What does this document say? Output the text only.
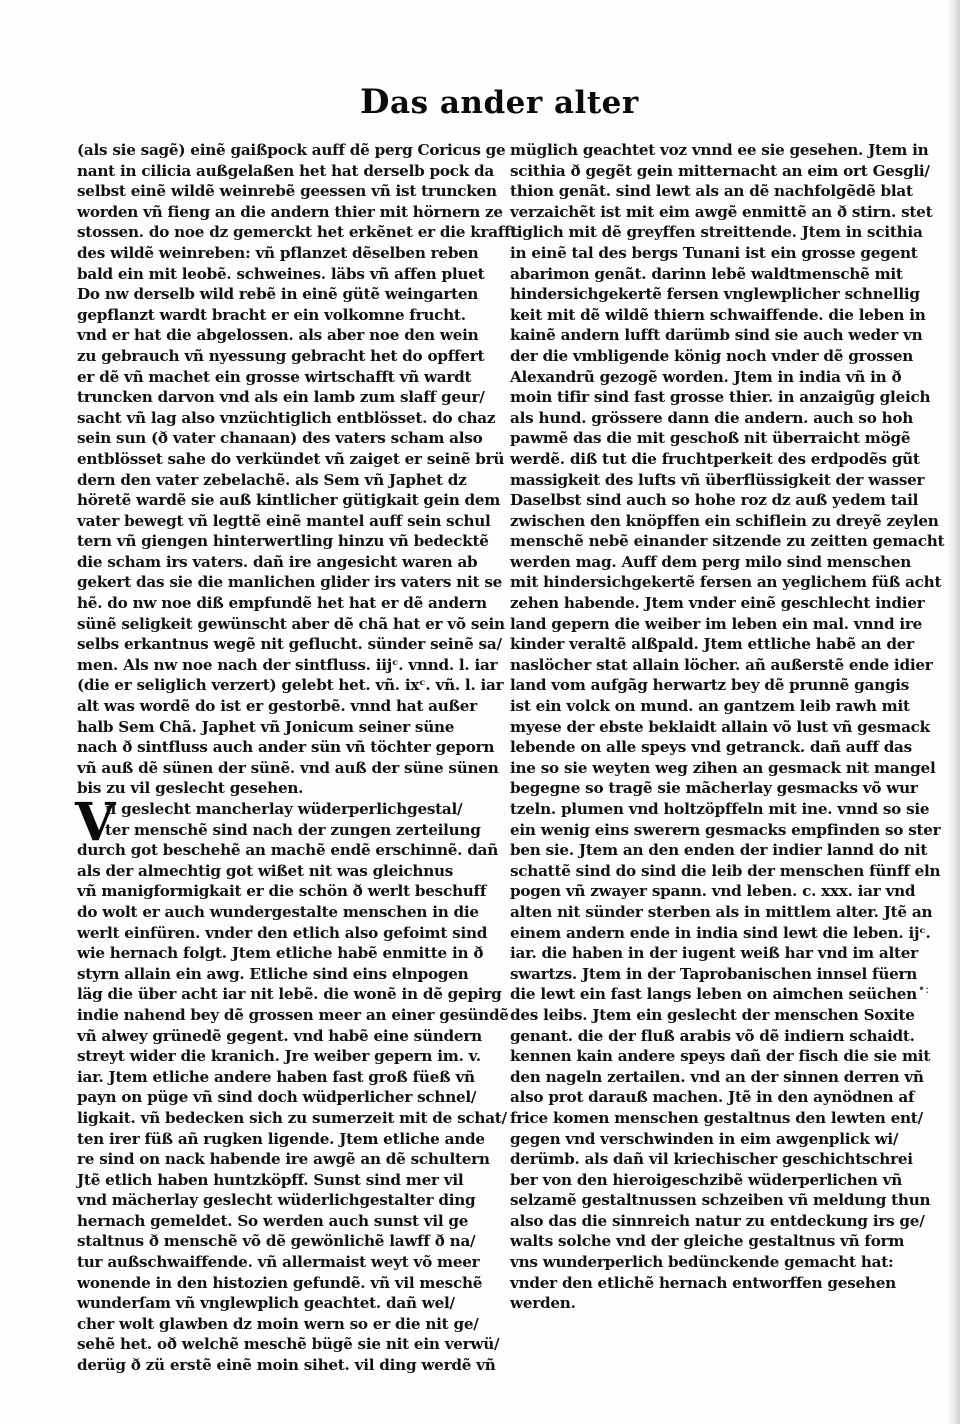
Das ander alter
(als sie sagẽ) einẽ gaißpock auff dẽ perg Coricus ge
nant in cilicia außgelaßen het hat derselb pock da
selbst einẽ wildẽ weinrebẽ geessen vñ ist truncken
worden vñ fieng an die andern thier mit hörnern ze
stossen. do noe dz gemerckt het erkẽnet er die krafft
des wildẽ weinreben: vñ pflanzet dẽselben reben
bald ein mit leobẽ. schweines. läbs vñ affen pluet
Do nw derselb wild rebẽ in einẽ gütẽ weingarten
gepflanzt wardt bracht er ein volkomne frucht.
vnd er hat die abgelossen. als aber noe den wein
zu gebrauch vñ nyessung gebracht het do opffert
er dẽ vñ machet ein grosse wirtschafft vñ wardt
truncken darvon vnd als ein lamb zum slaff geur/
sacht vñ lag also vnzüchtiglich entblösset. do chaz
sein sun (ð vater chanaan) des vaters scham also
entblösset sahe do verkündet vñ zaiget er seinẽ brü
dern den vater zebelachẽ. als Sem vñ Japhet dz
höretẽ wardẽ sie auß kintlicher gütigkait gein dem
vater bewegt vñ legttẽ einẽ mantel auff sein schul
tern vñ giengen hinterwertling hinzu vñ bedecktẽ
die scham irs vaters. dañ ire angesicht waren ab
gekert das sie die manlichen glider irs vaters nit se
hẽ. do nw noe diß empfundẽ het hat er dẽ andern
sünẽ seligkeit gewünscht aber dẽ chã hat er võ sein
selbs erkantnus wegẽ nit geflucht. sünder seinẽ sa/
men. Als nw noe nach der sintfluss. iijᶜ. vnnd. l. iar
(die er seliglich verzert) gelebt het. vñ. ixᶜ. vñ. l. iar
alt was wordẽ do ist er gestorbẽ. vnnd hat außer
halb Sem Chã. Japhet vñ Jonicum seiner süne
nach ð sintfluss auch ander sün vñ töchter geporn
vñ auß dẽ sünen der sünẽ. vnd auß der süne sünen
bis zu vil geslecht gesehen.
V
il geslecht mancherlay wüderperlichgestal/
ter menschẽ sind nach der zungen zerteilung
durch got beschehẽ an machẽ endẽ erschinnẽ. dañ
als der almechtig got wißet nit was gleichnus
vñ manigformigkait er die schön ð werlt beschuff
do wolt er auch wundergestalte menschen in die
werlt einfüren. vnder den etlich also gefoimt sind
wie hernach folgt. Jtem etliche habẽ enmitte in ð
styrn allain ein awg. Etliche sind eins elnpogen
läg die über acht iar nit lebẽ. die wonẽ in dẽ gepirg
indie nahend bey dẽ grossen meer an einer gesündẽ
vñ alwey grünedẽ gegent. vnd habẽ eine sündern
streyt wider die kranich. Jre weiber gepern im. v.
iar. Jtem etliche andere haben fast groß füeß vñ
payn on püge vñ sind doch wüdperlicher schnel/
ligkait. vñ bedecken sich zu sumerzeit mit de schat/
ten irer füß añ rugken ligende. Jtem etliche ande
re sind on nack habende ire awgẽ an dẽ schultern
Jtẽ etlich haben huntzköpff. Sunst sind mer vil
vnd mächerlay geslecht wüderlichgestalter ding
hernach gemeldet. So werden auch sunst vil ge
staltnus ð menschẽ võ dẽ gewönlichẽ lawff ð na/
tur außschwaiffende. vñ allermaist weyt võ meer
wonende in den histozien gefundẽ. vñ vil meschẽ
wunderſam vñ vnglewplich geachtet. dañ wel/
cher wolt glawben dz moin wern so er die nit ge/
sehẽ het. oð welchẽ meschẽ bügẽ sie nit ein verwü/
derüg ð zü erstẽ einẽ moin sihet. vil ding werdẽ vñ
müglich geachtet voz vnnd ee sie gesehen. Jtem in
scithia ð gegẽt gein mitternacht an eim ort Gesgli/
thion genãt. sind lewt als an dẽ nachfolgẽdẽ blat
verzaichẽt ist mit eim awgẽ enmittẽ an ð stirn. stet
tiglich mit dẽ greyffen streittende. Jtem in scithia
in einẽ tal des bergs Tunani ist ein grosse gegent
abarimon genãt. darinn lebẽ waldtmenschẽ mit
hindersichgekertẽ fersen vnglewplicher schnellig
keit mit dẽ wildẽ thiern schwaiffende. die leben in
kainẽ andern lufft darümb sind sie auch weder vn
der die vmbligende könig noch vnder dẽ grossen
Alexandrũ gezogẽ worden. Jtem in india vñ in ð
moin tifir sind fast grosse thier. in anzaigũg gleich
als hund. grössere dann die andern. auch so hoh
pawmẽ das die mit geschoß nit überraicht mögẽ
werdẽ. diß tut die fruchtperkeit des erdpodẽs gũt
massigkeit des lufts vñ überflüssigkeit der wasser
Daselbst sind auch so hohe roz dz auß yedem tail
zwischen den knöpffen ein schiflein zu dreyẽ zeylen
menschẽ nebẽ einander sitzende zu zeitten gemacht
werden mag. Auff dem perg milo sind menschen
mit hindersichgekertẽ fersen an yeglichem füß acht
zehen habende. Jtem vnder einẽ geschlecht indier
land gepern die weiber im leben ein mal. vnnd ire
kinder veraltẽ alßpald. Jtem ettliche habẽ an der
naslöcher stat allain löcher. añ außerstẽ ende idier
land vom aufgãg herwartz bey dẽ prunnẽ gangis
ist ein volck on mund. an gantzem leib rawh mit
myese der ebste beklaidt allain võ lust vñ gesmack
lebende on alle speys vnd getranck. dañ auff das
ine so sie weyten weg zihen an gesmack nit mangel
begegne so tragẽ sie mãcherlay gesmacks võ wur
tzeln. plumen vnd holtzöpffeln mit ine. vnnd so sie
ein wenig eins swerern gesmacks empfinden so ster
ben sie. Jtem an den enden der indier lannd do nit
schattẽ sind do sind die leib der menschen fünff eln
pogen vñ zwayer spann. vnd leben. c. xxx. iar vnd
alten nit sünder sterben als in mittlem alter. Jtẽ an
einem andern ende in india sind lewt die leben. ijᶜ.
iar. die haben in der iugent weiß har vnd im alter
swartzs. Jtem in der Taprobanischen innsel füern
die lewt ein fast langs leben on aimchen seüchen
des leibs. Jtem ein geslecht der menschen Soxite
genant. die der fluß arabis võ dẽ indiern schaidt.
kennen kain andere speys dañ der fisch die sie mit
den nageln zertailen. vnd an der sinnen derren vñ
also prot darauß machen. Jtẽ in den aynödnen af
frice komen menschen gestaltnus den lewten ent/
gegen vnd verschwinden in eim awgenplick wi/
derümb. als dañ vil kriechischer geschichtschrei
ber von den hieroigeschzibẽ wüderperlichen vñ
selzamẽ gestaltnussen schzeiben vñ meldung thun
also das die sinnreich natur zu entdeckung irs ge/
walts solche vnd der gleiche gestaltnus vñ form
vns wunderperlich bedünckende gemacht hat:
vnder den etlichẽ hernach entworffen gesehen
werden.
•:
